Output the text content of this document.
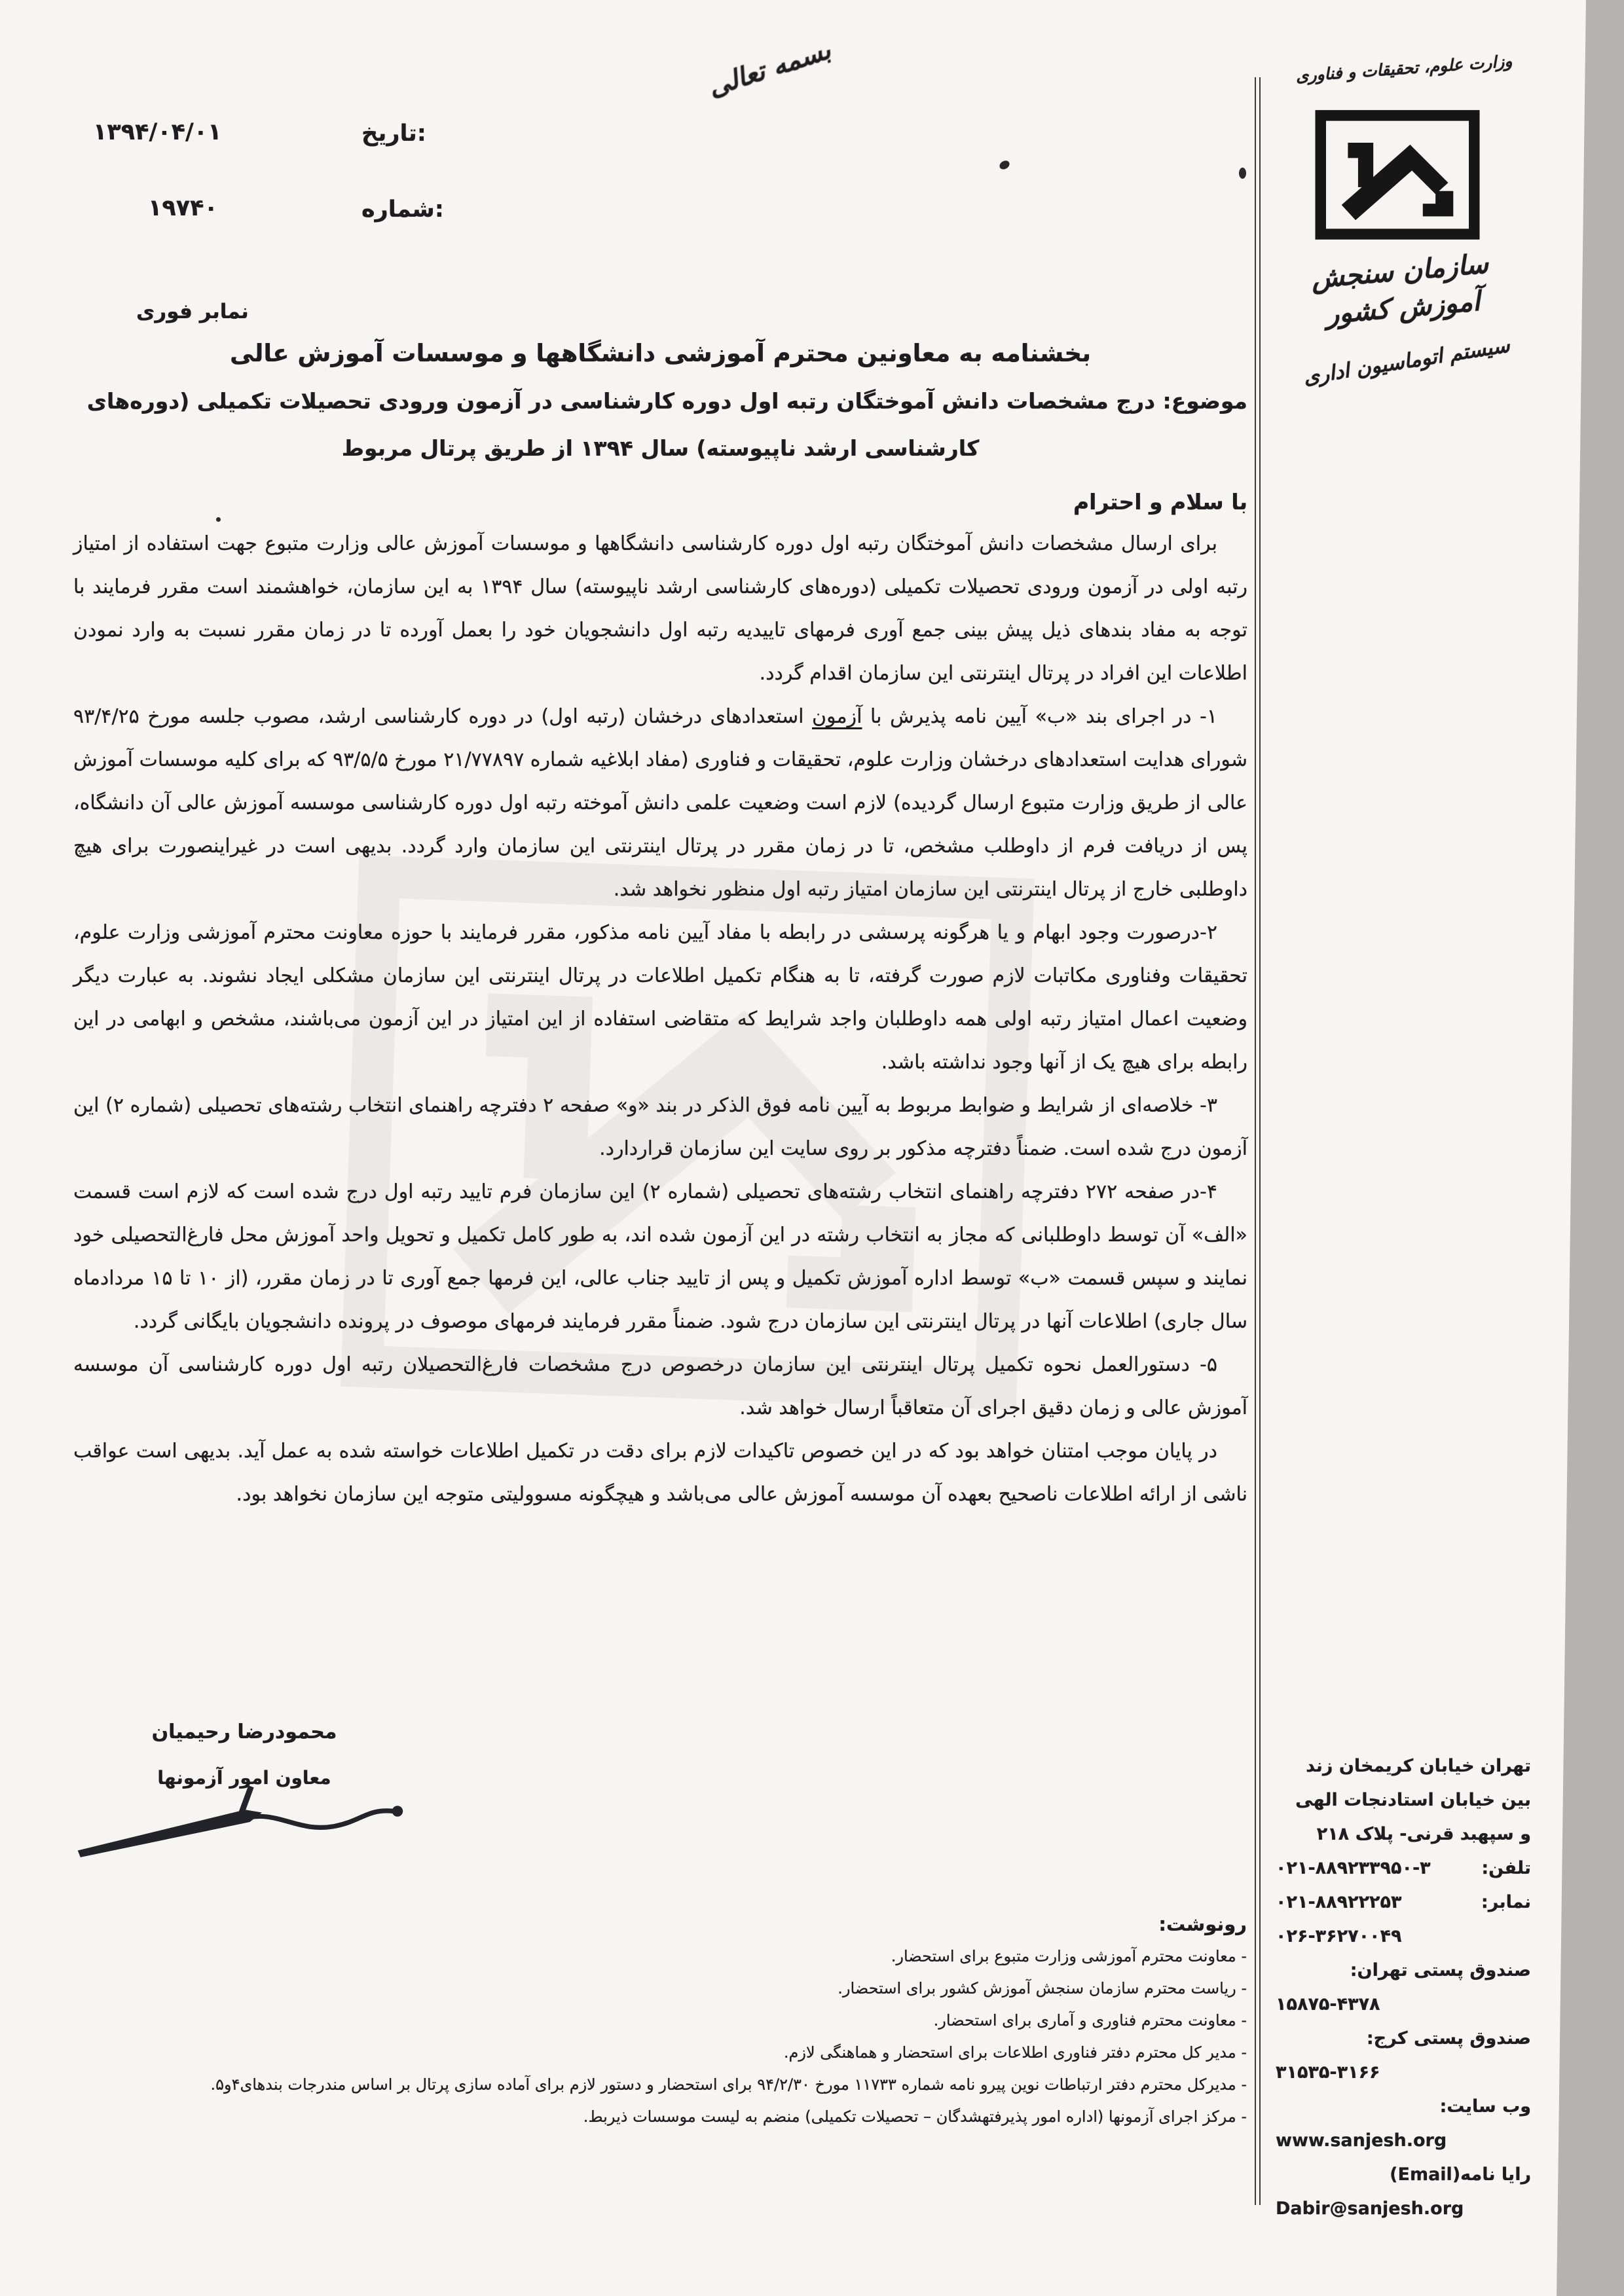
بسمه تعالی
تاریخ:
۱۳۹۴/۰۴/۰۱
شماره:
۱۹۷۴۰
نمابر فوری
بخشنامه به معاونین محترم آموزشی دانشگاهها و موسسات آموزش عالی

موضوع: درج مشخصات دانش آموختگان رتبه اول دوره کارشناسی در آزمون ورودی تحصیلات تکمیلی (دوره‌های

کارشناسی ارشد ناپیوسته) سال ۱۳۹۴ از طریق پرتال مربوط

با سلام و احترام

برای ارسال مشخصات دانش آموختگان رتبه اول دوره کارشناسی دانشگاهها و موسسات آموزش عالی وزارت متبوع جهت استفاده از امتیاز رتبه اولی در آزمون ورودی تحصیلات تکمیلی (دوره‌های کارشناسی ارشد ناپیوسته) سال ۱۳۹۴ به این سازمان، خواهشمند است مقرر فرمایند با توجه به مفاد بندهای ذیل پیش بینی جمع آوری فرمهای تاییدیه رتبه اول دانشجویان خود را بعمل آورده تا در زمان مقرر نسبت به وارد نمودن اطلاعات این افراد در پرتال اینترنتی این سازمان اقدام گردد.

۱- در اجرای بند «ب» آیین نامه پذیرش با آزمون استعدادهای درخشان (رتبه اول) در دوره کارشناسی ارشد، مصوب جلسه مورخ ۹۳/۴/۲۵ شورای هدایت استعدادهای درخشان وزارت علوم، تحقیقات و فناوری (مفاد ابلاغیه شماره ۲۱/۷۷۸۹۷ مورخ ۹۳/۵/۵ که برای کلیه موسسات آموزش عالی از طریق وزارت متبوع ارسال گردیده) لازم است وضعیت علمی دانش آموخته رتبه اول دوره کارشناسی موسسه آموزش عالی آن دانشگاه، پس از دریافت فرم از داوطلب مشخص، تا در زمان مقرر در پرتال اینترنتی این سازمان وارد گردد. بدیهی است در غیراینصورت برای هیچ داوطلبی خارج از پرتال اینترنتی این سازمان امتیاز رتبه اول منظور نخواهد شد.

۲-درصورت وجود ابهام و یا هرگونه پرسشی در رابطه با مفاد آیین نامه مذکور، مقرر فرمایند با حوزه معاونت محترم آموزشی وزارت علوم، تحقیقات وفناوری مکاتبات لازم صورت گرفته، تا به هنگام تکمیل اطلاعات در پرتال اینترنتی این سازمان مشکلی ایجاد نشوند. به عبارت دیگر وضعیت اعمال امتیاز رتبه اولی همه داوطلبان واجد شرایط که متقاضی استفاده از این امتیاز در این آزمون می‌باشند، مشخص و ابهامی در این رابطه برای هیچ یک از آنها وجود نداشته باشد.

۳- خلاصه‌ای از شرایط و ضوابط مربوط به آیین نامه فوق الذکر در بند «و» صفحه ۲ دفترچه راهنمای انتخاب رشته‌های تحصیلی (شماره ۲) این آزمون درج شده است. ضمناً دفترچه مذکور بر روی سایت این سازمان قراردارد.

۴-در صفحه ۲۷۲ دفترچه راهنمای انتخاب رشته‌های تحصیلی (شماره ۲) این سازمان فرم تایید رتبه اول درج شده است که لازم است قسمت «الف» آن توسط داوطلبانی که مجاز به انتخاب رشته در این آزمون شده اند، به طور کامل تکمیل و تحویل واحد آموزش محل فارغ‌التحصیلی خود نمایند و سپس قسمت «ب» توسط اداره آموزش تکمیل و پس از تایید جناب عالی، این فرمها جمع آوری تا در زمان مقرر، (از ۱۰ تا ۱۵ مردادماه سال جاری) اطلاعات آنها در پرتال اینترنتی این سازمان درج شود. ضمناً مقرر فرمایند فرمهای موصوف در پرونده دانشجویان بایگانی گردد.

۵- دستورالعمل نحوه تکمیل پرتال اینترنتی این سازمان درخصوص درج مشخصات فارغ‌التحصیلان رتبه اول دوره کارشناسی آن موسسه آموزش عالی و زمان دقیق اجرای آن متعاقباً ارسال خواهد شد.

در پایان موجب امتنان خواهد بود که در این خصوص تاکیدات لازم برای دقت در تکمیل اطلاعات خواسته شده به عمل آید. بدیهی است عواقب ناشی از ارائه اطلاعات ناصحیح بعهده آن موسسه آموزش عالی می‌باشد و هیچگونه مسوولیتی متوجه این سازمان نخواهد بود.

محمودرضا رحیمیان

معاون امور آزمونها

رونوشت:

- معاونت محترم آموزشی وزارت متبوع برای استحضار.

- ریاست محترم سازمان سنجش آموزش کشور برای استحضار.

- معاونت محترم فناوری و آماری برای استحضار.

- مدیر کل محترم دفتر فناوری اطلاعات برای استحضار و هماهنگی لازم.

- مدیرکل محترم دفتر ارتباطات نوین پیرو نامه شماره ۱۱۷۳۳ مورخ ۹۴/۲/۳۰ برای استحضار و دستور لازم برای آماده سازی پرتال بر اساس مندرجات بندهای۴و۵.

- مرکز اجرای آزمونها (اداره امور پذیرفتهشدگان – تحصیلات تکمیلی) منضم به لیست موسسات ذیربط.

وزارت علوم، تحقیقات و فناوری
سازمان سنجش آموزش کشور
سیستم اتوماسیون اداری

تهران خیابان کریمخان زند

بین خیابان استادنجات الهی

و سپهبد قرنی- پلاک ۲۱۸

تلفن:
۰۲۱-۸۸۹۲۳۳۹۵۰-۳

نمابر:
۰۲۱-۸۸۹۲۲۲۵۳

۰۲۶-۳۶۲۷۰۰۴۹

صندوق پستی تهران:

۱۵۸۷۵-۴۳۷۸

صندوق پستی کرج:

۳۱۵۳۵-۳۱۶۶

وب سایت:

www.sanjesh.org

رایا نامه(Email)

Dabir@sanjesh.org
